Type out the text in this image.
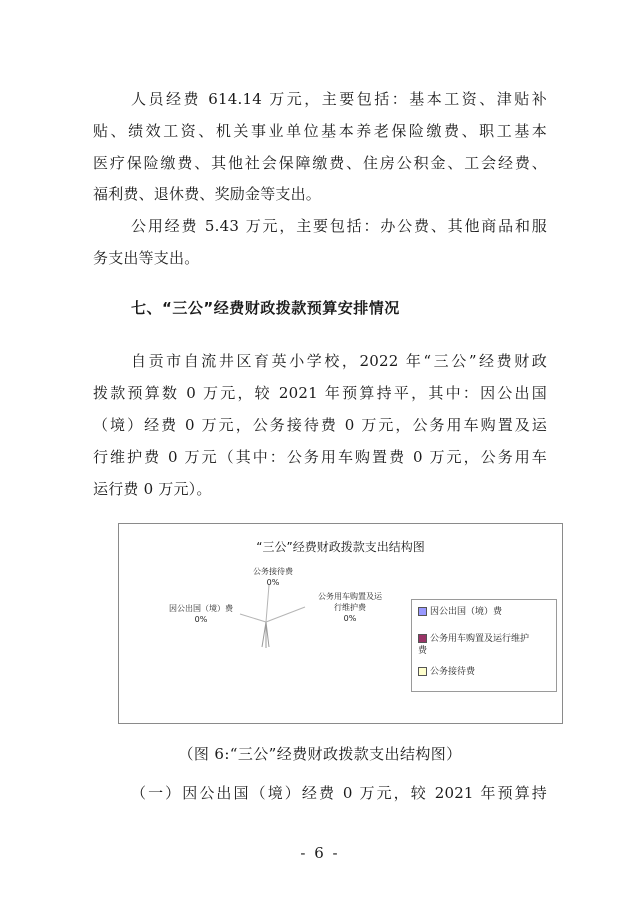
人员经费 614.14 万元，主要包括：基本工资、津贴补
贴、绩效工资、机关事业单位基本养老保险缴费、职工基本
医疗保险缴费、其他社会保障缴费、住房公积金、工会经费、
福利费、退休费、奖励金等支出。
公用经费 5.43 万元，主要包括：办公费、其他商品和服
务支出等支出。
七、“三公”经费财政拨款预算安排情况
自贡市自流井区育英小学校，2022 年“三公”经费财政
拨款预算数 0 万元，较 2021 年预算持平，其中：因公出国
（境）经费 0 万元，公务接待费 0 万元，公务用车购置及运
行维护费 0 万元（其中：公务用车购置费 0 万元，公务用车
运行费 0 万元）。
“三公”经费财政拨款支出结构图
公务接待费
0%
因公出国（境）费
0%
公务用车购置及运
行维护费
0%
因公出国（境）费
公务用车购置及运行维护
费
公务接待费
（图 6:“三公”经费财政拨款支出结构图）
（一）因公出国（境）经费 0 万元，较 2021 年预算持
- 6 -
